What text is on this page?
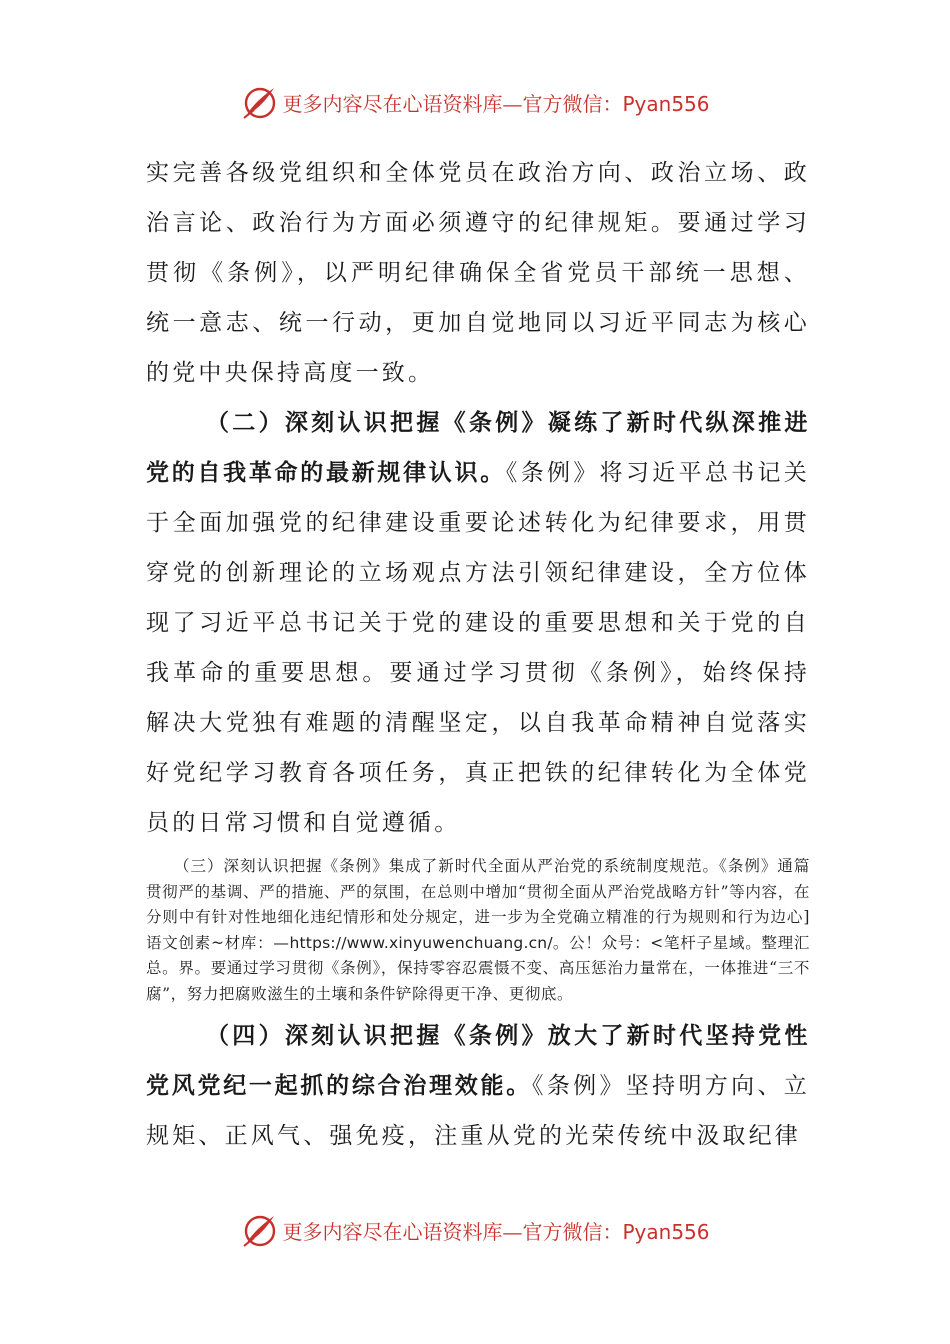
更多内容尽在心语资料库—官方微信：Pyan556

实完善各级党组织和全体党员在政治方向、政治立场、政治言论、政治行为方面必须遵守的纪律规矩。要通过学习贯彻《条例》，以严明纪律确保全省党员干部统一思想、统一意志、统一行动，更加自觉地同以习近平同志为核心的党中央保持高度一致。

（二）深刻认识把握《条例》凝练了新时代纵深推进党的自我革命的最新规律认识。《条例》将习近平总书记关于全面加强党的纪律建设重要论述转化为纪律要求，用贯穿党的创新理论的立场观点方法引领纪律建设，全方位体现了习近平总书记关于党的建设的重要思想和关于党的自我革命的重要思想。要通过学习贯彻《条例》，始终保持解决大党独有难题的清醒坚定，以自我革命精神自觉落实好党纪学习教育各项任务，真正把铁的纪律转化为全体党员的日常习惯和自觉遵循。

（三）深刻认识把握《条例》集成了新时代全面从严治党的系统制度规范。《条例》通篇贯彻严的基调、严的措施、严的氛围，在总则中增加“贯彻全面从严治党战略方针”等内容，在分则中有针对性地细化违纪情形和处分规定，进一步为全党确立精准的行为规则和行为边心]语文创素~材库：—https://www.xinyuwenchuang.cn/。公！众号：<笔杆子星域。整理汇总。界。要通过学习贯彻《条例》，保持零容忍震慑不变、高压惩治力量常在，一体推进“三不腐”，努力把腐败滋生的土壤和条件铲除得更干净、更彻底。

（四）深刻认识把握《条例》放大了新时代坚持党性党风党纪一起抓的综合治理效能。《条例》坚持明方向、立规矩、正风气、强免疫，注重从党的光荣传统中汲取纪律

更多内容尽在心语资料库—官方微信：Pyan556
